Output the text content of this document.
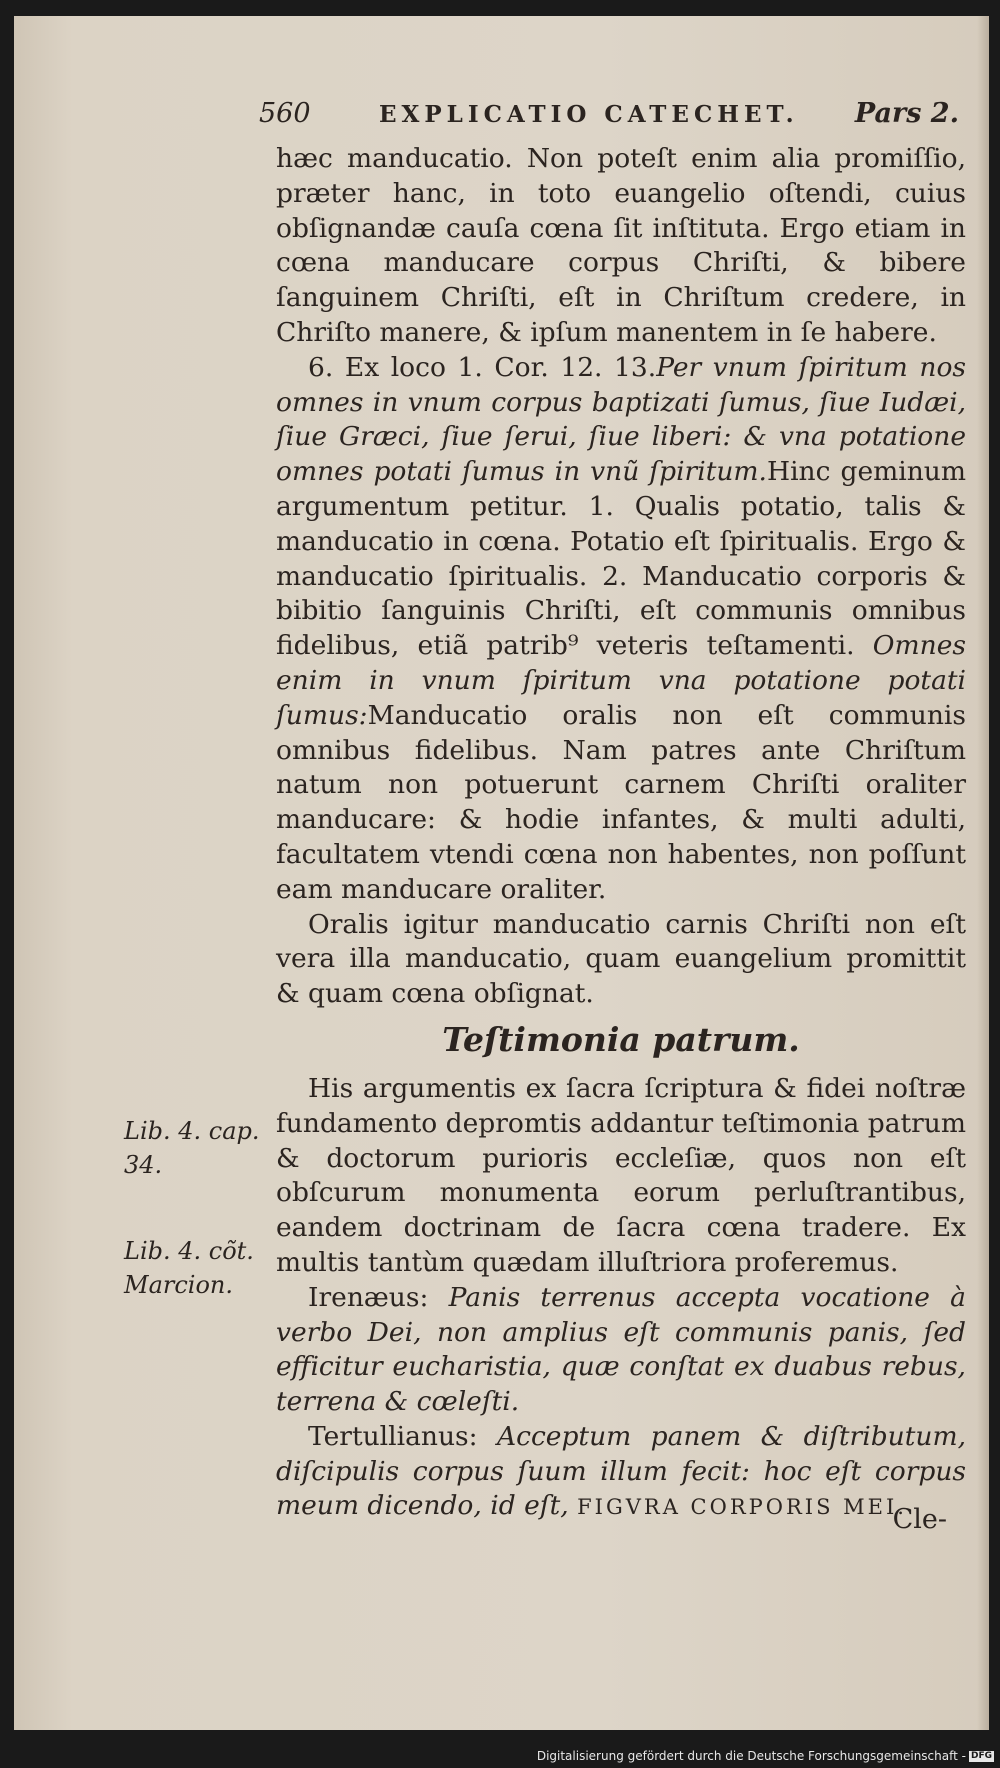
560	EXPLICATIO CATECHET. Pars 2.

hæc manducatio. Non poteſt enim alia promiſſio, præter hanc, in toto euangelio oſtendi, cuius obſignandæ cauſa cœna ſit inſtituta. Ergo etiam in cœna manducare corpus Chriſti, & bibere ſanguinem Chriſti, eſt in Chriſtum credere, in Chriſto manere, & ipſum manentem in ſe habere.

6. Ex loco 1. Cor. 12. 13.Per vnum ſpiritum nos omnes in vnum corpus baptizati ſumus, ſiue Iudæi, ſiue Græci, ſiue ſerui, ſiue liberi: & vna potatione omnes potati ſumus in vnũ ſpiritum.Hinc geminum argumentum petitur. 1. Qualis potatio, talis & manducatio in cœna. Potatio eſt ſpiritualis. Ergo & manducatio ſpiritualis. 2. Manducatio corporis & bibitio ſanguinis Chriſti, eſt communis omnibus fidelibus, etiã patrib⁹ veteris teſtamenti. Omnes enim in vnum ſpiritum vna potatione potati ſumus:Manducatio oralis non eſt communis omnibus fidelibus. Nam patres ante Chriſtum natum non potuerunt carnem Chriſti oraliter manducare: & hodie infantes, & multi adulti, facultatem vtendi cœna non habentes, non poſſunt eam manducare oraliter.

Oralis igitur manducatio carnis Chriſti non eſt vera illa manducatio, quam euangelium promittit & quam cœna obſignat.

Teſtimonia patrum.

His argumentis ex ſacra ſcriptura & fidei noſtræ fundamento depromtis addantur teſtimonia patrum & doctorum purioris eccleſiæ, quos non eſt obſcurum monumenta eorum perluſtrantibus, eandem doctrinam de ſacra cœna tradere. Ex multis tantùm quædam illuſtriora proferemus.

Irenæus: Panis terrenus accepta vocatione à verbo Dei, non amplius eſt communis panis, ſed efficitur eucharistia, quæ conſtat ex duabus rebus, terrena & cœleſti.

Tertullianus: Acceptum panem & diſtributum, diſcipulis corpus ſuum illum fecit: hoc eſt corpus meum dicendo, id eſt, FIGVRA CORPORIS MEI.

Lib. 4. cap. 34.
Lib. 4. cõt. Marcion.
Cle-
Digitalisierung gefördert durch die Deutsche Forschungsgemeinschaft - DFG
